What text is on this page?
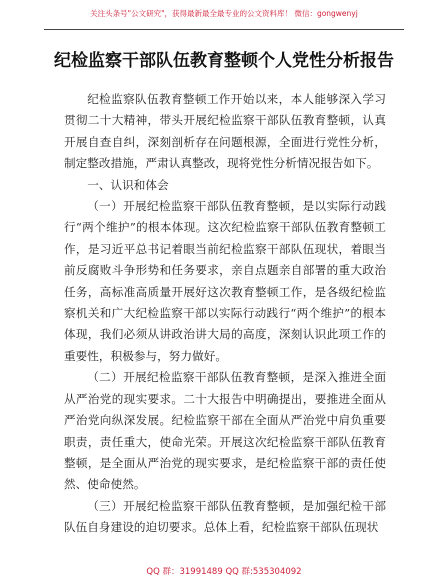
关注头条号"公文研究"，获得最新最全最专业的公文资料库！ 微信：gongwenyj
纪检监察干部队伍教育整顿个人党性分析报告

纪检监察队伍教育整顿工作开始以来，本人能够深入学习贯彻二十大精神，带头开展纪检监察干部队伍教育整顿，认真开展自查自纠，深刻剖析存在问题根源，全面进行党性分析，制定整改措施，严肃认真整改，现将党性分析情况报告如下。

一、认识和体会

（一）开展纪检监察干部队伍教育整顿，是以实际行动践行“两个维护”的根本体现。这次纪检监察干部队伍教育整顿工作，是习近平总书记着眼当前纪检监察干部队伍现状，着眼当前反腐败斗争形势和任务要求，亲自点题亲自部署的重大政治任务，高标准高质量开展好这次教育整顿工作，是各级纪检监察机关和广大纪检监察干部以实际行动践行“两个维护”的根本体现，我们必须从讲政治讲大局的高度，深刻认识此项工作的重要性，积极参与，努力做好。

（二）开展纪检监察干部队伍教育整顿，是深入推进全面从严治党的现实要求。二十大报告中明确提出，要推进全面从严治党向纵深发展。纪检监察干部在全面从严治党中肩负重要职责，责任重大，使命光荣。开展这次纪检监察干部队伍教育整顿，是全面从严治党的现实要求，是纪检监察干部的责任使然、使命使然。

（三）开展纪检监察干部队伍教育整顿，是加强纪检干部队伍自身建设的迫切要求。总体上看，纪检监察干部队伍现状

QQ 群：31991489 QQ 群:535304092
